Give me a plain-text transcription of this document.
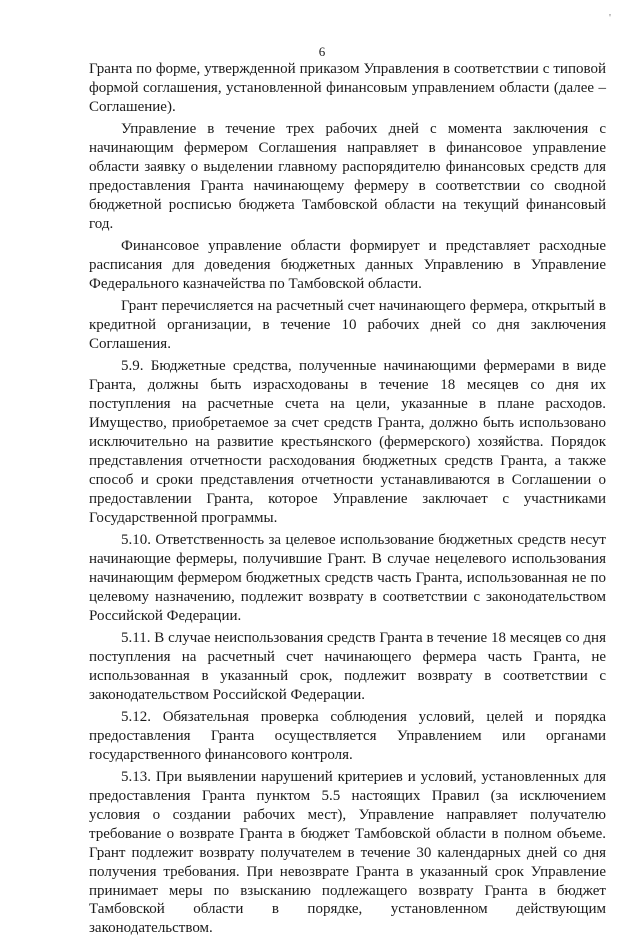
'
6

Гранта по форме, утвержденной приказом Управления в соответствии с типовой формой соглашения, установленной финансовым управлением области (далее – Соглашение).

Управление в течение трех рабочих дней с момента заключения с начинающим фермером Соглашения направляет в финансовое управление области заявку о выделении главному распорядителю финансовых средств для предоставления Гранта начинающему фермеру в соответствии со сводной бюджетной росписью бюджета Тамбовской области на текущий финансовый год.

Финансовое управление области формирует и представляет расходные расписания для доведения бюджетных данных Управлению в Управление Федерального казначейства по Тамбовской области.

Грант перечисляется на расчетный счет начинающего фермера, открытый в кредитной организации, в течение 10 рабочих дней со дня заключения Соглашения.

5.9. Бюджетные средства, полученные начинающими фермерами в виде Гранта, должны быть израсходованы в течение 18 месяцев со дня их поступления на расчетные счета на цели, указанные в плане расходов. Имущество, приобретаемое за счет средств Гранта, должно быть использовано исключительно на развитие крестьянского (фермерского) хозяйства. Порядок представления отчетности расходования бюджетных средств Гранта, а также способ и сроки представления отчетности устанавливаются в Соглашении о предоставлении Гранта, которое Управление заключает с участниками Государственной программы.

5.10. Ответственность за целевое использование бюджетных средств несут начинающие фермеры, получившие Грант. В случае нецелевого использования начинающим фермером бюджетных средств часть Гранта, использованная не по целевому назначению, подлежит возврату в соответствии с законодательством Российской Федерации.

5.11. В случае неиспользования средств Гранта в течение 18 месяцев со дня поступления на расчетный счет начинающего фермера часть Гранта, не использованная в указанный срок, подлежит возврату в соответствии с законодательством Российской Федерации.

5.12. Обязательная проверка соблюдения условий, целей и порядка предоставления Гранта осуществляется Управлением или органами государственного финансового контроля.

5.13. При выявлении нарушений критериев и условий, установленных для предоставления Гранта пунктом 5.5 настоящих Правил (за исключением условия о создании рабочих мест), Управление направляет получателю требование о возврате Гранта в бюджет Тамбовской области в полном объеме. Грант подлежит возврату получателем в течение 30 календарных дней со дня получения требования. При невозврате Гранта в указанный срок Управление принимает меры по взысканию подлежащего возврату Гранта в бюджет Тамбовской области в порядке, установленном действующим законодательством.
